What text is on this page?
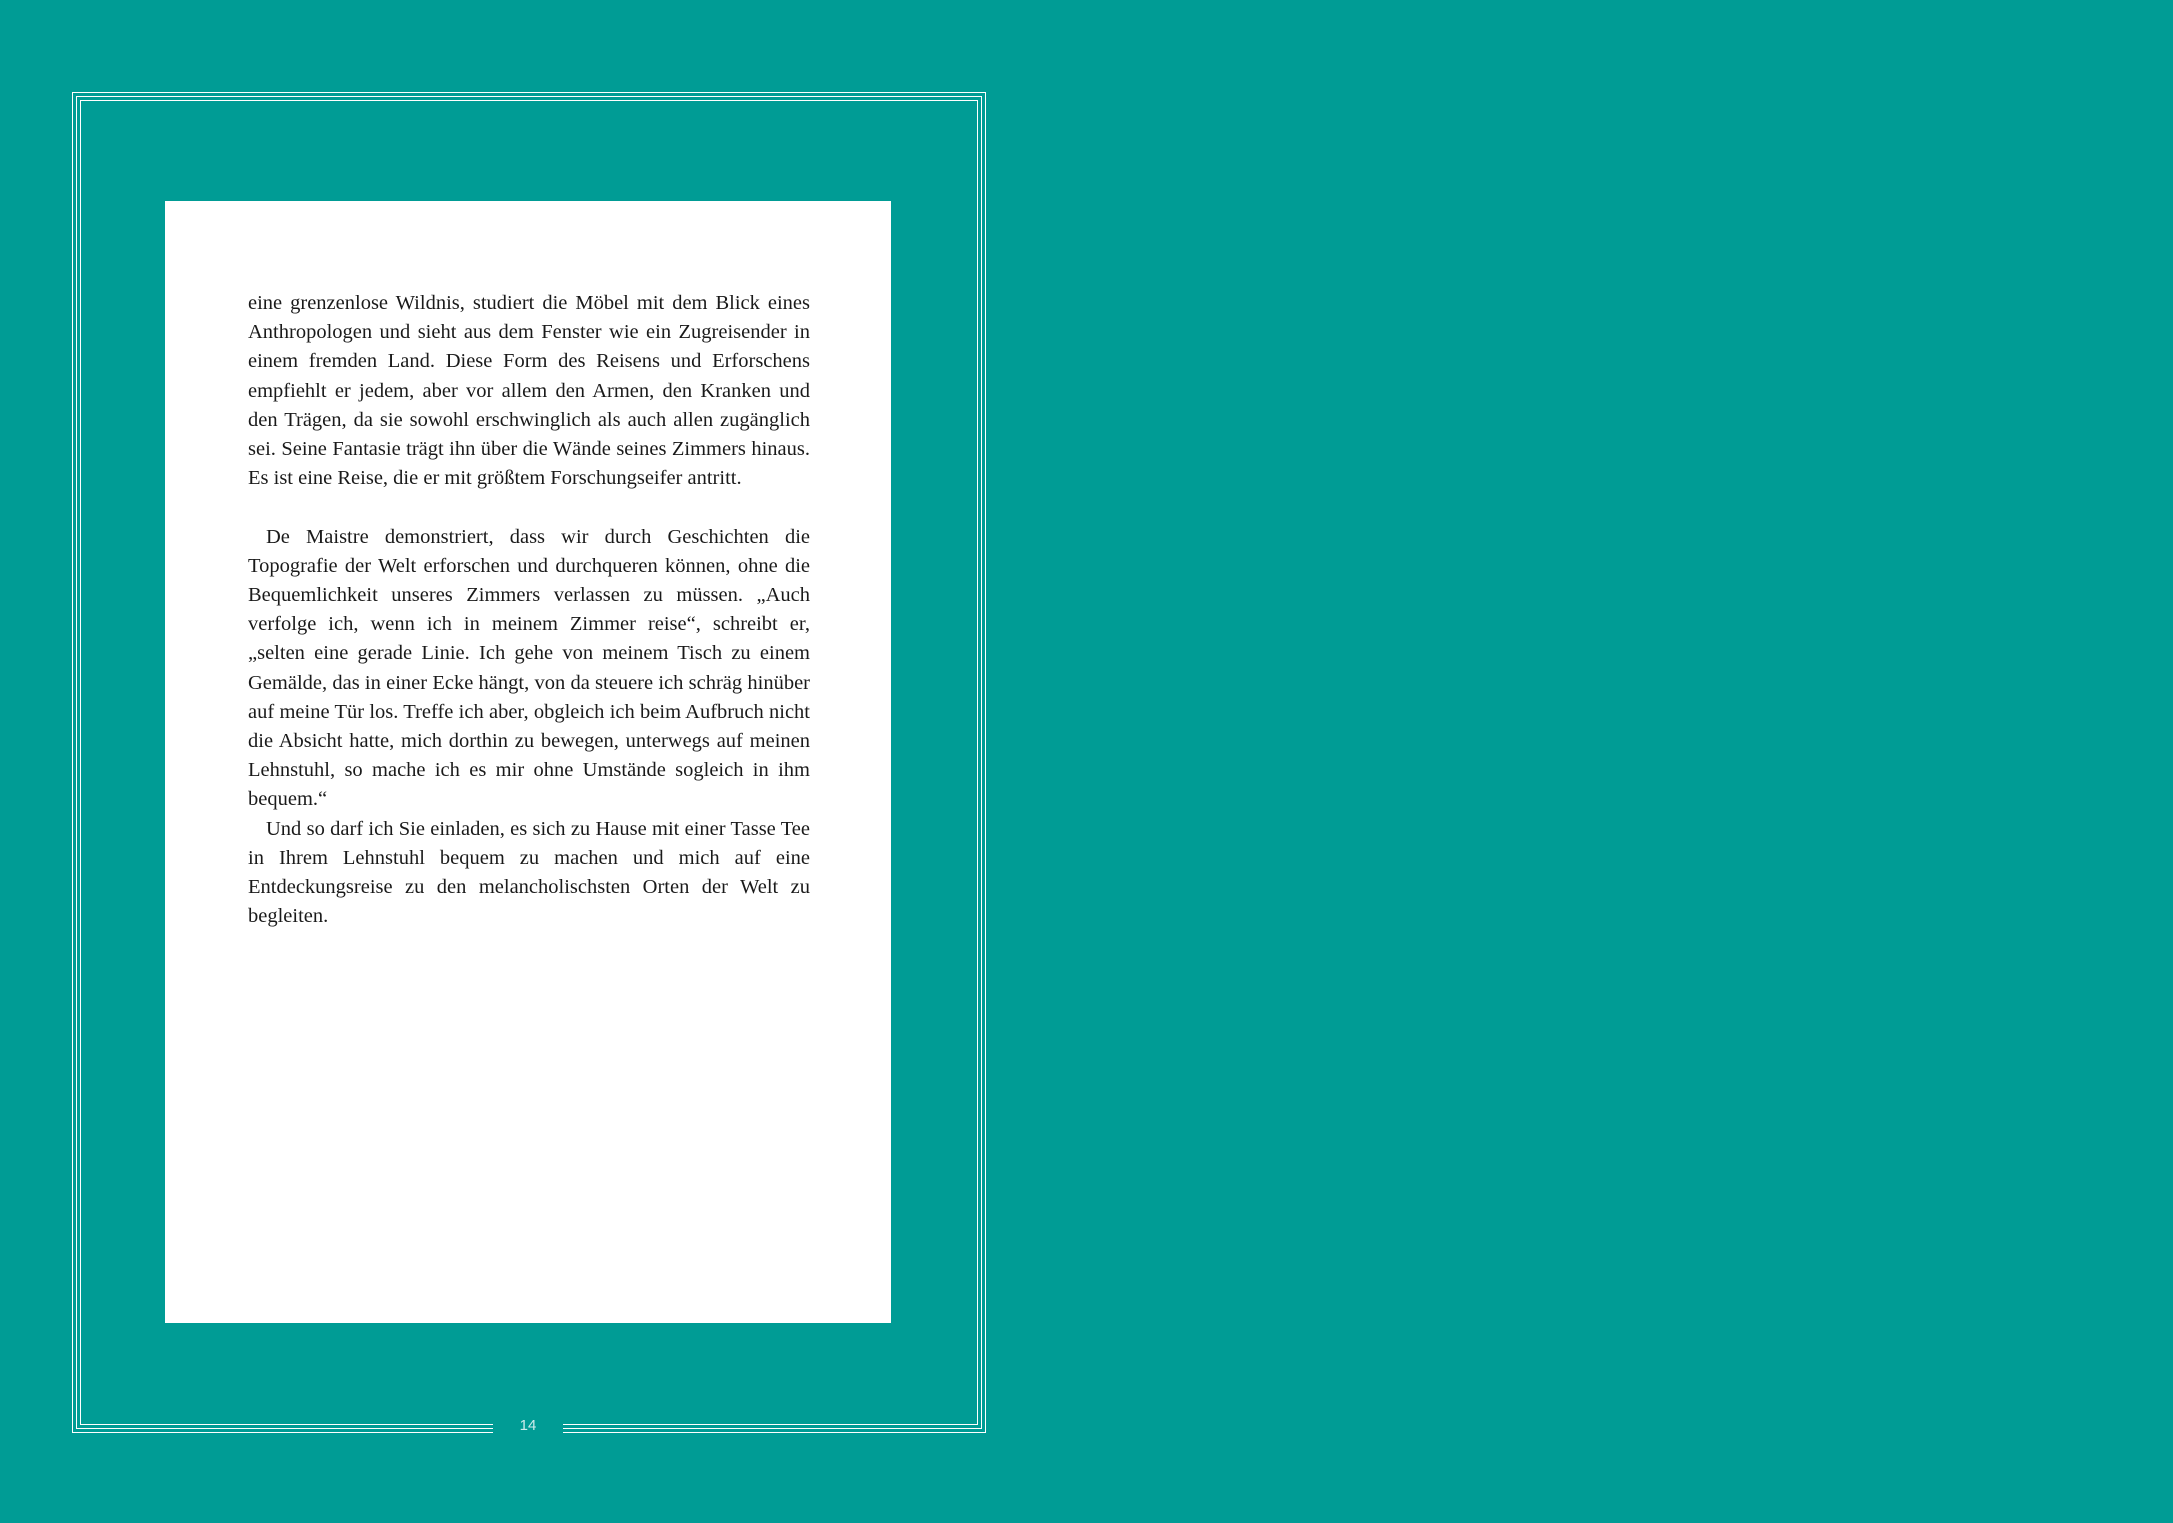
14

eine grenzenlose Wildnis, studiert die Möbel mit dem Blick eines Anthropologen und sieht aus dem Fenster wie ein Zugreisender in einem fremden Land. Diese Form des Reisens und Erforschens empfiehlt er jedem, aber vor allem den Armen, den Kranken und den Trägen, da sie sowohl erschwinglich als auch allen zugänglich sei. Seine Fantasie trägt ihn über die Wände seines Zimmers hinaus. Es ist eine Reise, die er mit größtem Forschungseifer antritt.

De Maistre demonstriert, dass wir durch Geschichten die Topografie der Welt erforschen und durchqueren können, ohne die Bequemlichkeit unseres Zimmers verlassen zu müssen. „Auch verfolge ich, wenn ich in meinem Zimmer reise“, schreibt er, „selten eine gerade Linie. Ich gehe von meinem Tisch zu einem Gemälde, das in einer Ecke hängt, von da steuere ich schräg hinüber auf meine Tür los. Treffe ich aber, obgleich ich beim Aufbruch nicht die Absicht hatte, mich dorthin zu bewegen, unterwegs auf meinen Lehnstuhl, so mache ich es mir ohne Umstände sogleich in ihm bequem.“

Und so darf ich Sie einladen, es sich zu Hause mit einer Tasse Tee in Ihrem Lehnstuhl bequem zu machen und mich auf eine Entdeckungsreise zu den melancholischsten Orten der Welt zu begleiten.
